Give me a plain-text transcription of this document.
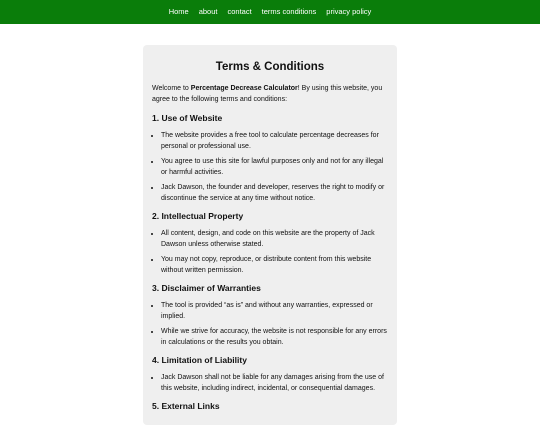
Home about contact terms conditions privacy policy
Terms & Conditions

Welcome to Percentage Decrease Calculator! By using this website, you agree to the following terms and conditions:

1. Use of Website
• The website provides a free tool to calculate percentage decreases for personal or professional use.
• You agree to use this site for lawful purposes only and not for any illegal or harmful activities.
• Jack Dawson, the founder and developer, reserves the right to modify or discontinue the service at any time without notice.
2. Intellectual Property
• All content, design, and code on this website are the property of Jack Dawson unless otherwise stated.
• You may not copy, reproduce, or distribute content from this website without written permission.
3. Disclaimer of Warranties
• The tool is provided “as is” and without any warranties, expressed or implied.
• While we strive for accuracy, the website is not responsible for any errors in calculations or the results you obtain.
4. Limitation of Liability
• Jack Dawson shall not be liable for any damages arising from the use of this website, including indirect, incidental, or consequential damages.
5. External Links
